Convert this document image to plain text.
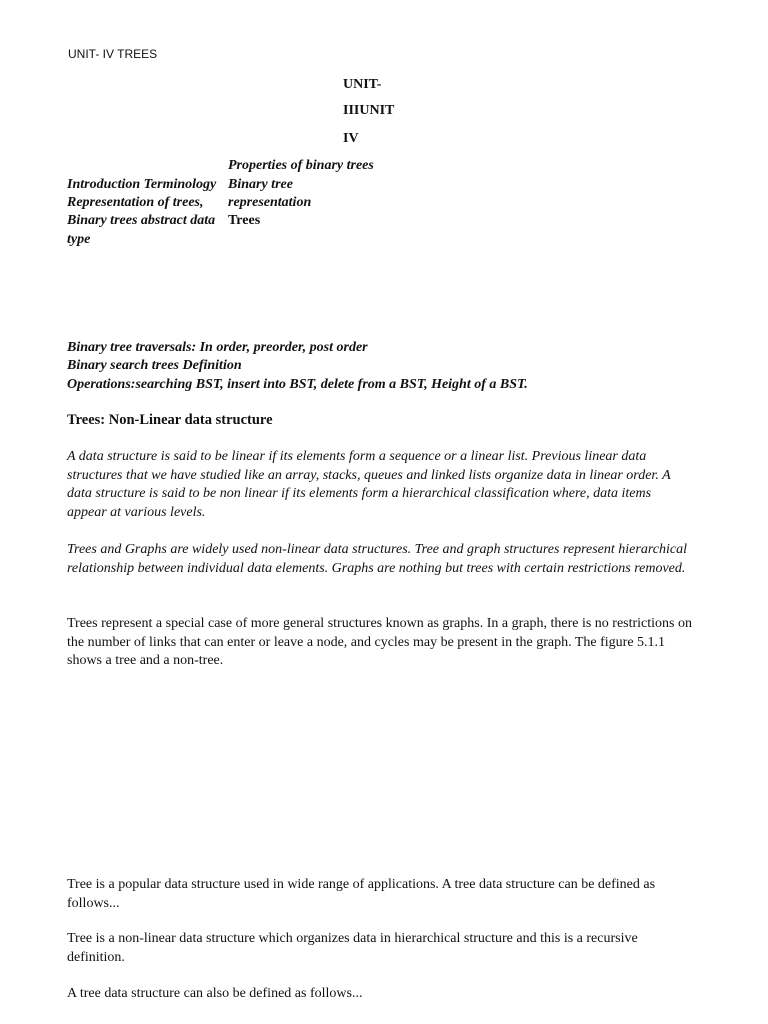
UNIT- IV TREES
UNIT-
IIIUNIT
IV
Properties of binary trees
Introduction Terminology Binary tree
Representation of trees, representation
Binary trees abstract data Trees
type
Binary tree traversals: In order, preorder, post order
Binary search trees Definition
Operations:searching BST, insert into BST, delete from a BST, Height of a BST.
Trees: Non-Linear data structure

A data structure is said to be linear if its elements form a sequence or a linear list. Previous linear data structures that we have studied like an array, stacks, queues and linked lists organize data in linear order. A data structure is said to be non linear if its elements form a hierarchical classification where, data items appear at various levels.

Trees and Graphs are widely used non-linear data structures. Tree and graph structures represent hierarchical relationship between individual data elements. Graphs are nothing but trees with certain restrictions removed.

Trees represent a special case of more general structures known as graphs. In a graph, there is no restrictions on the number of links that can enter or leave a node, and cycles may be present in the graph. The figure 5.1.1 shows a tree and a non-tree.

Tree is a popular data structure used in wide range of applications. A tree data structure can be defined as follows...

Tree is a non-linear data structure which organizes data in hierarchical structure and this is a recursive definition.

A tree data structure can also be defined as follows...
